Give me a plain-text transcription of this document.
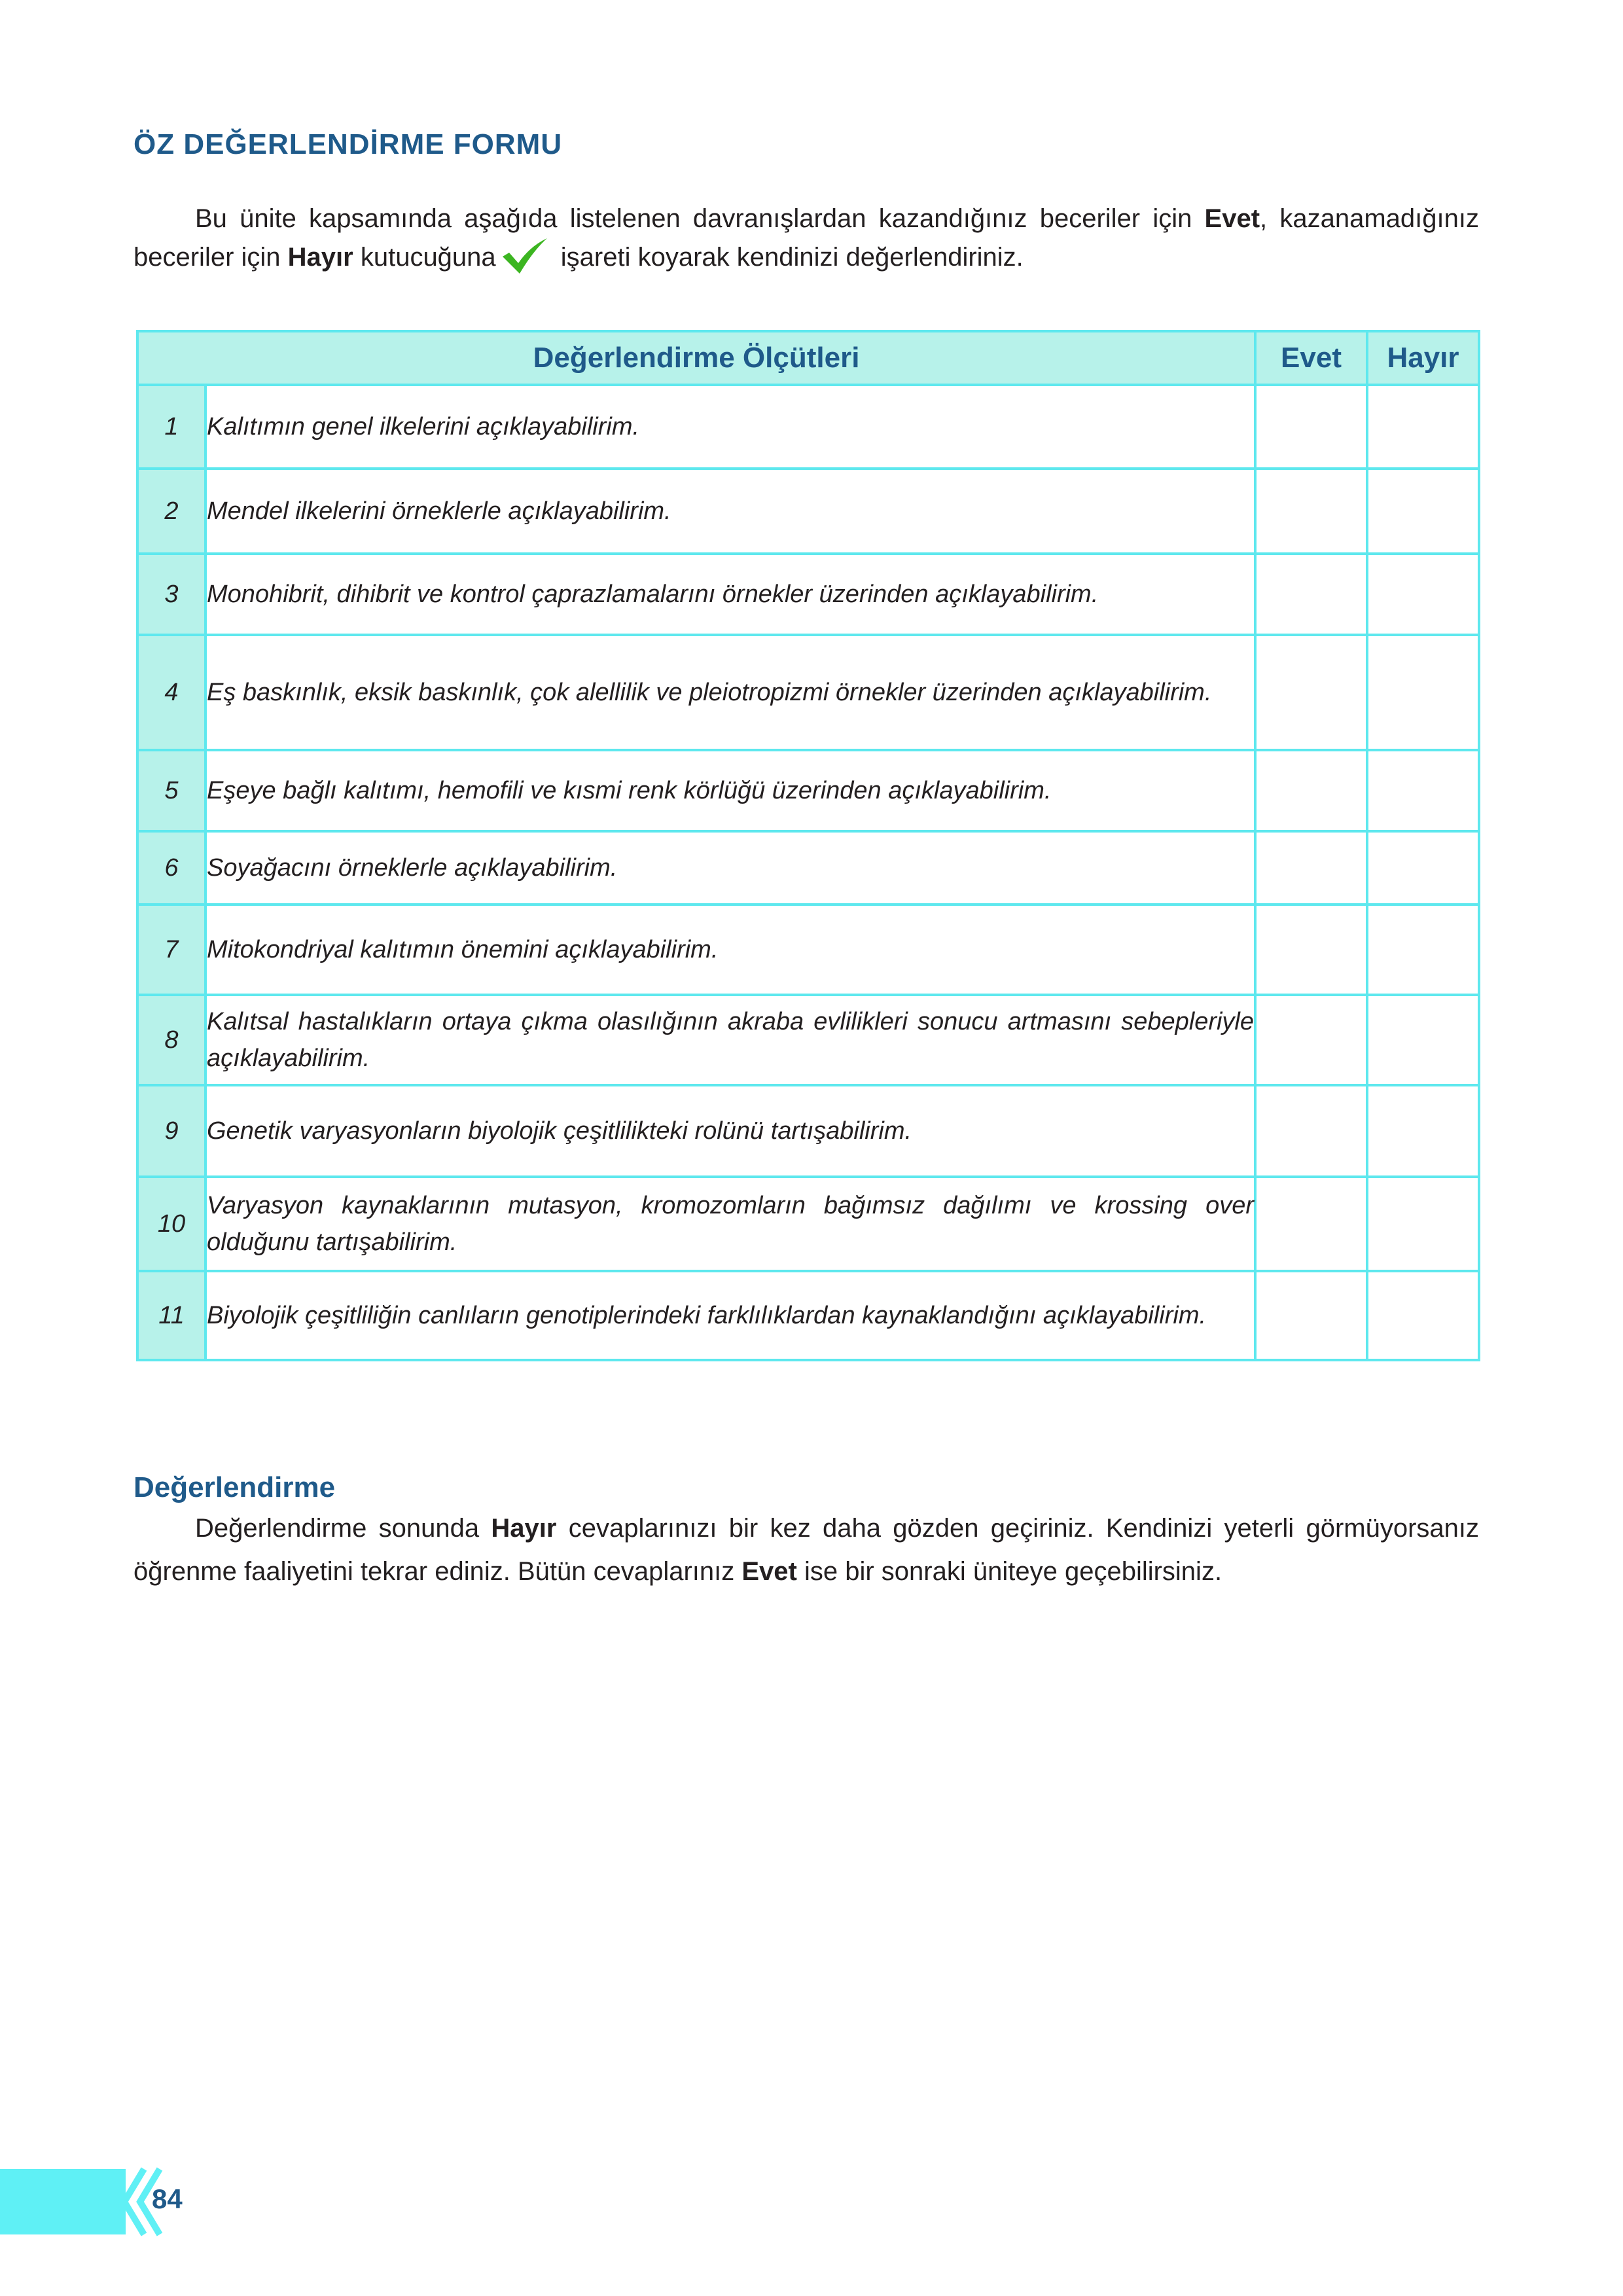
ÖZ DEĞERLENDİRME FORMU
Bu ünite kapsamında aşağıda listelenen davranışlardan kazandığınız beceriler için Evet, kazanamadığınız beceriler için Hayır kutucuğuna işareti koyarak kendinizi değerlendiriniz.
Değerlendirme Ölçütleri		Evet	Hayır
1	Kalıtımın genel ilkelerini açıklayabilirim.		
2	Mendel ilkelerini örneklerle açıklayabilirim.		
3	Monohibrit, dihibrit ve kontrol çaprazlamalarını örnekler üzerinden açıklayabilirim.		
4	Eş baskınlık, eksik baskınlık, çok alellilik ve pleiotropizmi örnekler üzerinden açıklayabilirim.		
5	Eşeye bağlı kalıtımı, hemofili ve kısmi renk körlüğü üzerinden açıklayabilirim.		
6	Soyağacını örneklerle açıklayabilirim.		
7	Mitokondriyal kalıtımın önemini açıklayabilirim.		
8	Kalıtsal hastalıkların ortaya çıkma olasılığının akraba evlilikleri sonucu artmasını sebepleriyle açıklayabilirim.		
9	Genetik varyasyonların biyolojik çeşitlilikteki rolünü tartışabilirim.		
10	Varyasyon kaynaklarının mutasyon, kromozomların bağımsız dağılımı ve krossing over olduğunu tartışabilirim.		
11	Biyolojik çeşitliliğin canlıların genotiplerindeki farklılıklardan kaynaklandığını açıklayabilirim.		
Değerlendirme
Değerlendirme sonunda Hayır cevaplarınızı bir kez daha gözden geçiriniz. Kendinizi yeterli görmüyorsanız öğrenme faaliyetini tekrar ediniz. Bütün cevaplarınız Evet ise bir sonraki üniteye geçebilirsiniz.
84
